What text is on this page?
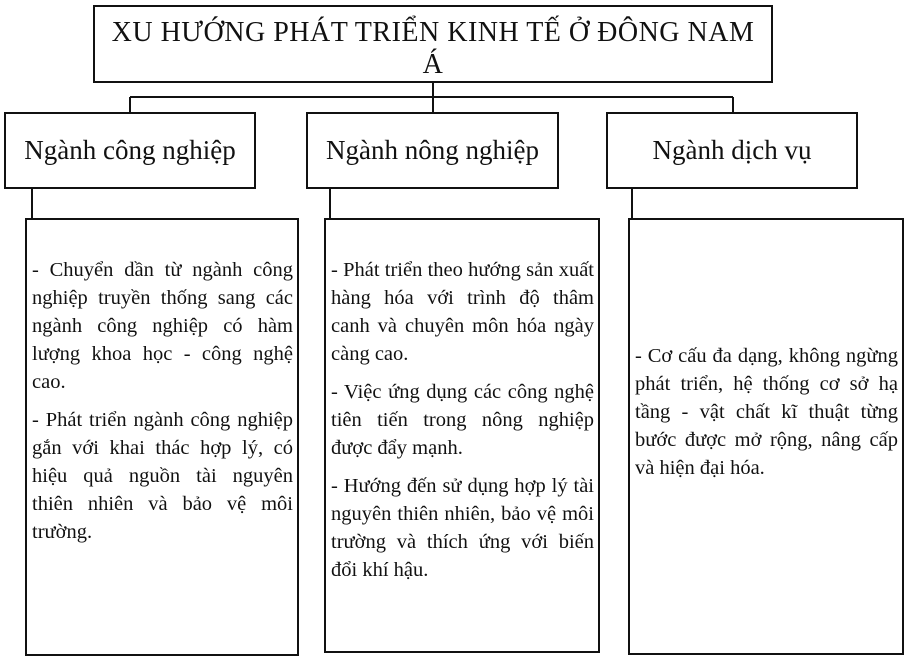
XU HƯỚNG PHÁT TRIỂN KINH TẾ Ở ĐÔNG NAM Á
Ngành công nghiệp	Ngành nông nghiệp	Ngành dịch vụ

- Chuyển dần từ ngành công nghiệp truyền thống sang các ngành công nghiệp có hàm lượng khoa học - công nghệ cao.

- Phát triển ngành công nghiệp gắn với khai thác hợp lý, có hiệu quả nguồn tài nguyên thiên nhiên và bảo vệ môi trường.

- Phát triển theo hướng sản xuất hàng hóa với trình độ thâm canh và chuyên môn hóa ngày càng cao.

- Việc ứng dụng các công nghệ tiên tiến trong nông nghiệp được đẩy mạnh.

- Hướng đến sử dụng hợp lý tài nguyên thiên nhiên, bảo vệ môi trường và thích ứng với biến đổi khí hậu.

- Cơ cấu đa dạng, không ngừng phát triển, hệ thống cơ sở hạ tầng - vật chất kĩ thuật từng bước được mở rộng, nâng cấp và hiện đại hóa.
